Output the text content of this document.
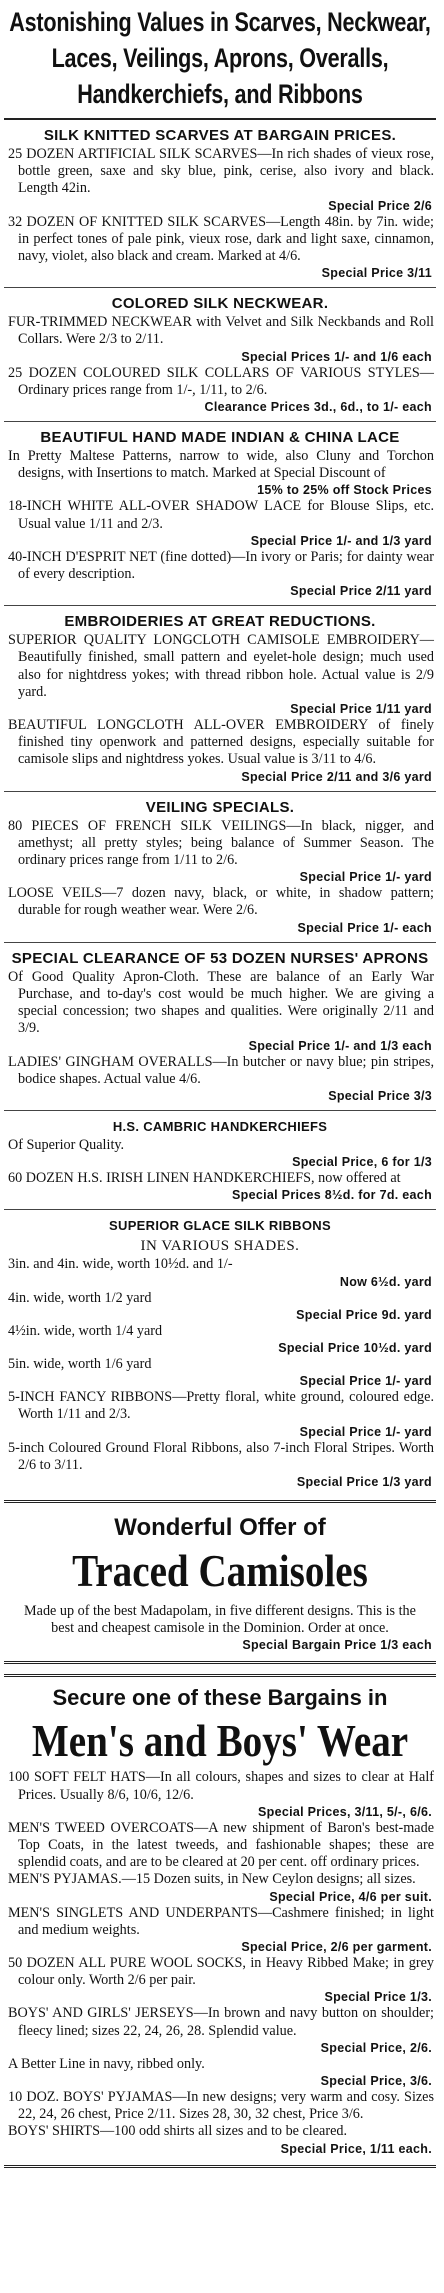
Astonishing Values in Scarves, Neckwear, Laces, Veilings, Aprons, Overalls, Handkerchiefs, and Ribbons
SILK KNITTED SCARVES AT BARGAIN PRICES.
25 DOZEN ARTIFICIAL SILK SCARVES—In rich shades of vieux rose, bottle green, saxe and sky blue, pink, cerise, also ivory and black. Length 42in.
Special Price 2/6
32 DOZEN OF KNITTED SILK SCARVES—Length 48in. by 7in. wide; in perfect tones of pale pink, vieux rose, dark and light saxe, cinnamon, navy, violet, also black and cream. Marked at 4/6.
Special Price 3/11
COLORED SILK NECKWEAR.
FUR-TRIMMED NECKWEAR with Velvet and Silk Neckbands and Roll Collars. Were 2/3 to 2/11.
Special Prices 1/- and 1/6 each
25 DOZEN COLOURED SILK COLLARS OF VARIOUS STYLES—Ordinary prices range from 1/-, 1/11, to 2/6.
Clearance Prices 3d., 6d., to 1/- each
BEAUTIFUL HAND MADE INDIAN & CHINA LACE
In Pretty Maltese Patterns, narrow to wide, also Cluny and Torchon designs, with Insertions to match. Marked at Special Discount of
15% to 25% off Stock Prices
18-INCH WHITE ALL-OVER SHADOW LACE for Blouse Slips, etc. Usual value 1/11 and 2/3.
Special Price 1/- and 1/3 yard
40-INCH D'ESPRIT NET (fine dotted)—In ivory or Paris; for dainty wear of every description.
Special Price 2/11 yard
EMBROIDERIES AT GREAT REDUCTIONS.
SUPERIOR QUALITY LONGCLOTH CAMISOLE EMBROIDERY—Beautifully finished, small pattern and eyelet-hole design; much used also for nightdress yokes; with thread ribbon hole. Actual value is 2/9 yard.
Special Price 1/11 yard
BEAUTIFUL LONGCLOTH ALL-OVER EMBROIDERY of finely finished tiny openwork and patterned designs, especially suitable for camisole slips and nightdress yokes. Usual value is 3/11 to 4/6.
Special Price 2/11 and 3/6 yard
VEILING SPECIALS.
80 PIECES OF FRENCH SILK VEILINGS—In black, nigger, and amethyst; all pretty styles; being balance of Summer Season. The ordinary prices range from 1/11 to 2/6.
Special Price 1/- yard
LOOSE VEILS—7 dozen navy, black, or white, in shadow pattern; durable for rough weather wear. Were 2/6.
Special Price 1/- each
SPECIAL CLEARANCE OF 53 DOZEN NURSES' APRONS
Of Good Quality Apron-Cloth. These are balance of an Early War Purchase, and to-day's cost would be much higher. We are giving a special concession; two shapes and qualities. Were originally 2/11 and 3/9.
Special Price 1/- and 1/3 each
LADIES' GINGHAM OVERALLS—In butcher or navy blue; pin stripes, bodice shapes. Actual value 4/6.
Special Price 3/3
H.S. CAMBRIC HANDKERCHIEFS
Of Superior Quality.
Special Price, 6 for 1/3
60 DOZEN H.S. IRISH LINEN HANDKERCHIEFS, now offered at
Special Prices 8½d. for 7d. each
SUPERIOR GLACE SILK RIBBONS
IN VARIOUS SHADES.
3in. and 4in. wide, worth 10½d. and 1/-
Now 6½d. yard
4in. wide, worth 1/2 yard
Special Price 9d. yard
4½in. wide, worth 1/4 yard
Special Price 10½d. yard
5in. wide, worth 1/6 yard
Special Price 1/- yard
5-INCH FANCY RIBBONS—Pretty floral, white ground, coloured edge. Worth 1/11 and 2/3.
Special Price 1/- yard
5-inch Coloured Ground Floral Ribbons, also 7-inch Floral Stripes. Worth 2/6 to 3/11.
Special Price 1/3 yard
Wonderful Offer of
Traced Camisoles
Made up of the best Madapolam, in five different designs. This is the best and cheapest camisole in the Dominion. Order at once.
Special Bargain Price 1/3 each
Secure one of these Bargains in
Men's and Boys' Wear
100 SOFT FELT HATS—In all colours, shapes and sizes to clear at Half Prices. Usually 8/6, 10/6, 12/6.
Special Prices, 3/11, 5/-, 6/6.
MEN'S TWEED OVERCOATS—A new shipment of Baron's best-made Top Coats, in the latest tweeds, and fashionable shapes; these are splendid coats, and are to be cleared at 20 per cent. off ordinary prices.
MEN'S PYJAMAS.—15 Dozen suits, in New Ceylon designs; all sizes.
Special Price, 4/6 per suit.
MEN'S SINGLETS AND UNDERPANTS—Cashmere finished; in light and medium weights.
Special Price, 2/6 per garment.
50 DOZEN ALL PURE WOOL SOCKS, in Heavy Ribbed Make; in grey colour only. Worth 2/6 per pair.
Special Price 1/3.
BOYS' AND GIRLS' JERSEYS—In brown and navy button on shoulder; fleecy lined; sizes 22, 24, 26, 28. Splendid value.
Special Price, 2/6.
A Better Line in navy, ribbed only.
Special Price, 3/6.
10 DOZ. BOYS' PYJAMAS—In new designs; very warm and cosy. Sizes 22, 24, 26 chest, Price 2/11. Sizes 28, 30, 32 chest, Price 3/6.
BOYS' SHIRTS—100 odd shirts all sizes and to be cleared.
Special Price, 1/11 each.
